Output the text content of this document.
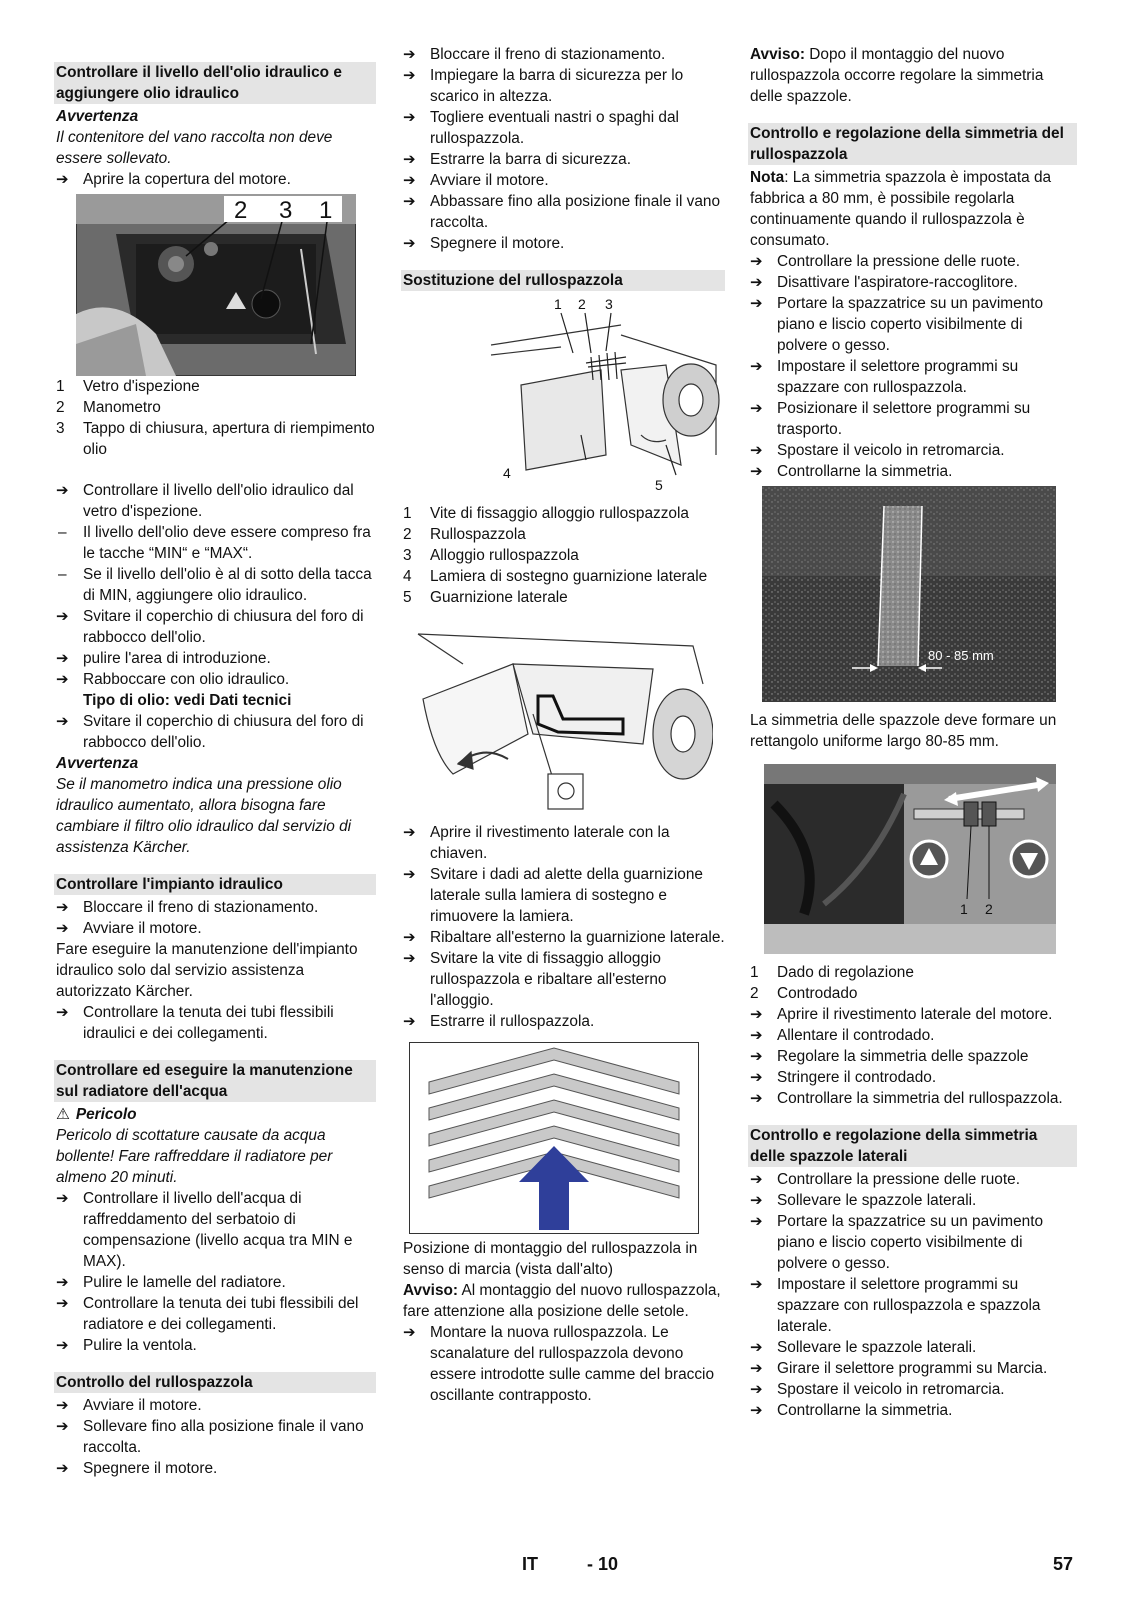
Controllare il livello dell'olio idraulico e aggiungere olio idraulico

Avvertenza

Il contenitore del vano raccolta non deve essere sollevato.

➔ Aprire la copertura del motore.

2 3 1

1 Vetro d'ispezione

2 Manometro

3 Tappo di chiusura, apertura di riempimento olio

➔ Controllare il livello dell'olio idraulico dal vetro d'ispezione.

– Il livello dell'olio deve essere compreso fra le tacche “MIN“ e “MAX“.

– Se il livello dell'olio è al di sotto della tacca di MIN, aggiungere olio idraulico.

➔ Svitare il coperchio di chiusura del foro di rabbocco dell'olio.

➔ pulire l'area di introduzione.

➔ Rabboccare con olio idraulico.

Tipo di olio: vedi Dati tecnici

➔ Svitare il coperchio di chiusura del foro di rabbocco dell'olio.

Avvertenza

Se il manometro indica una pressione olio idraulico aumentato, allora bisogna fare cambiare il filtro olio idraulico dal servizio di assistenza Kärcher.

Controllare l'impianto idraulico

➔ Bloccare il freno di stazionamento.

➔ Avviare il motore.

Fare eseguire la manutenzione dell'impianto idraulico solo dal servizio assistenza autorizzato Kärcher.

➔ Controllare la tenuta dei tubi flessibili idraulici e dei collegamenti.

Controllare ed eseguire la manutenzione sul radiatore dell'acqua

⚠ Pericolo

Pericolo di scottature causate da acqua bollente! Fare raffreddare il radiatore per almeno 20 minuti.

➔ Controllare il livello dell'acqua di raffreddamento del serbatoio di compensazione (livello acqua tra MIN e MAX).

➔ Pulire le lamelle del radiatore.

➔ Controllare la tenuta dei tubi flessibili del radiatore e dei collegamenti.

➔ Pulire la ventola.

Controllo del rullospazzola

➔ Avviare il motore.

➔ Sollevare fino alla posizione finale il vano raccolta.

➔ Spegnere il motore.

➔ Bloccare il freno di stazionamento.

➔ Impiegare la barra di sicurezza per lo scarico in altezza.

➔ Togliere eventuali nastri o spaghi dal rullospazzola.

➔ Estrarre la barra di sicurezza.

➔ Avviare il motore.

➔ Abbassare fino alla posizione finale il vano raccolta.

➔ Spegnere il motore.

Sostituzione del rullospazzola
1 2 3
4
5

1 Vite di fissaggio alloggio rullospazzola

2 Rullospazzola

3 Alloggio rullospazzola

4 Lamiera di sostegno guarnizione laterale

5 Guarnizione laterale

➔ Aprire il rivestimento laterale con la chiaven.

➔ Svitare i dadi ad alette della guarnizione laterale sulla lamiera di sostegno e rimuovere la lamiera.

➔ Ribaltare all'esterno la guarnizione laterale.

➔ Svitare la vite di fissaggio alloggio rullospazzola e ribaltare all'esterno l'alloggio.

➔ Estrarre il rullospazzola.

Posizione di montaggio del rullospazzola in senso di marcia (vista dall'alto)

Avviso: Al montaggio del nuovo rullospazzola, fare attenzione alla posizione delle setole.

➔ Montare la nuova rullospazzola. Le scanalature del rullospazzola devono essere introdotte sulle camme del braccio oscillante contrapposto.

Avviso: Dopo il montaggio del nuovo rullospazzola occorre regolare la simmetria delle spazzole.

Controllo e regolazione della simmetria del rullospazzola

Nota: La simmetria spazzola è impostata da fabbrica a 80 mm, è possibile regolarla continuamente quando il rullospazzola è consumato.

➔ Controllare la pressione delle ruote.

➔ Disattivare l'aspiratore-raccoglitore.

➔ Portare la spazzatrice su un pavimento piano e liscio coperto visibilmente di polvere o gesso.

➔ Impostare il selettore programmi su spazzare con rullospazzola.

➔ Posizionare il selettore programmi su trasporto.

➔ Spostare il veicolo in retromarcia.

➔ Controllarne la simmetria.

80 - 85 mm

La simmetria delle spazzole deve formare un rettangolo uniforme largo 80-85 mm.

1 2

1 Dado di regolazione

2 Controdado

➔ Aprire il rivestimento laterale del motore.

➔ Allentare il controdado.

➔ Regolare la simmetria delle spazzole

➔ Stringere il controdado.

➔ Controllare la simmetria del rullospazzola.

Controllo e regolazione della simmetria delle spazzole laterali

➔ Controllare la pressione delle ruote.

➔ Sollevare le spazzole laterali.

➔ Portare la spazzatrice su un pavimento piano e liscio coperto visibilmente di polvere o gesso.

➔ Impostare il selettore programmi su spazzare con rullospazzola e spazzola laterale.

➔ Sollevare le spazzole laterali.

➔ Girare il selettore programmi su Marcia.

➔ Spostare il veicolo in retromarcia.

➔ Controllarne la simmetria.

IT	- 10	57
